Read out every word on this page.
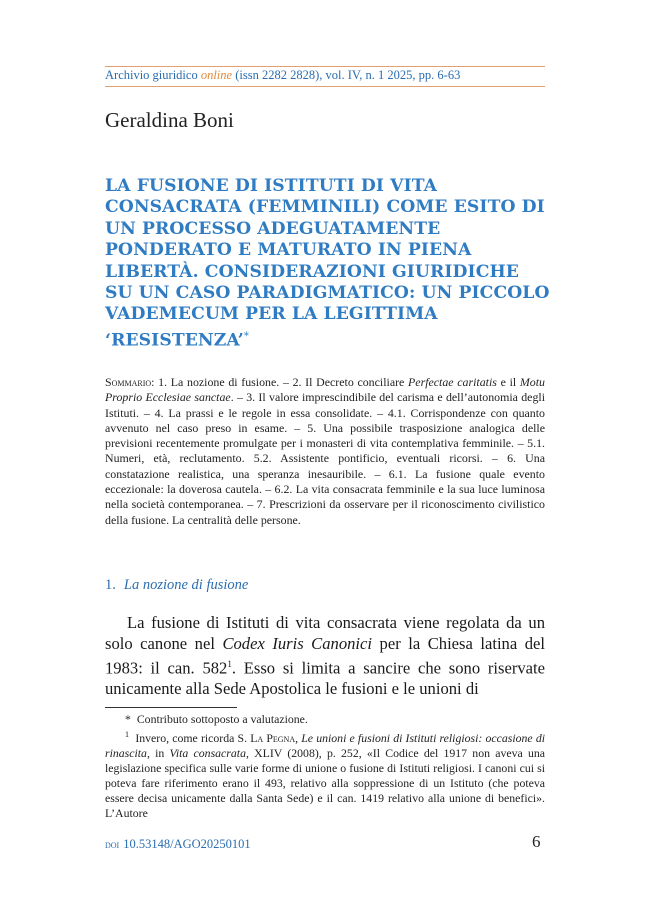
Archivio giuridico online (issn 2282 2828), vol. IV, n. 1 2025, pp. 6-63
Geraldina Boni
LA FUSIONE DI ISTITUTI DI VITA CONSACRATA (FEMMINILI) COME ESITO DI UN PROCESSO ADEGUATAMENTE PONDERATO E MATURATO IN PIENA LIBERTÀ. CONSIDERAZIONI GIURIDICHE SU UN CASO PARADIGMATICO: UN PICCOLO VADEMECUM PER LA LEGITTIMA ‘RESISTENZA’*
Sommario: 1. La nozione di fusione. – 2. Il Decreto conciliare Perfectae caritatis e il Motu Proprio Ecclesiae sanctae. – 3. Il valore imprescindibile del carisma e dell’autonomia degli Istituti. – 4. La prassi e le regole in essa consolidate. – 4.1. Corrispondenze con quanto avvenuto nel caso preso in esame. – 5. Una possibile trasposizione analogica delle previsioni recentemente promulgate per i monasteri di vita contemplativa femminile. – 5.1. Numeri, età, reclutamento. 5.2. Assistente pontificio, eventuali ricorsi. – 6. Una constatazione realistica, una speranza inesauribile. – 6.1. La fusione quale evento eccezionale: la doverosa cautela. – 6.2. La vita consacrata femminile e la sua luce luminosa nella società contemporanea. – 7. Prescrizioni da osservare per il riconoscimento civilistico della fusione. La centralità delle persone.
1. La nozione di fusione
La fusione di Istituti di vita consacrata viene regolata da un solo canone nel Codex Iuris Canonici per la Chiesa latina del 1983: il can. $582^1$. Esso si limita a sancire che sono riservate unicamente alla Sede Apostolica le fusioni e le unioni di

* Contributo sottoposto a valutazione.

$^1$ Invero, come ricorda S. La Pegna, Le unioni e fusioni di Istituti religiosi: occasione di rinascita, in Vita consacrata, XLIV (2008), p. 252, «Il Codice del 1917 non aveva una legislazione specifica sulle varie forme di unione o fusione di Istituti religiosi. I canoni cui si poteva fare riferimento erano il 493, relativo alla soppressione di un Istituto (che poteva essere decisa unicamente dalla Santa Sede) e il can. 1419 relativo alla unione di benefici». L’Autore

doi 10.53148/AGO20250101	6
